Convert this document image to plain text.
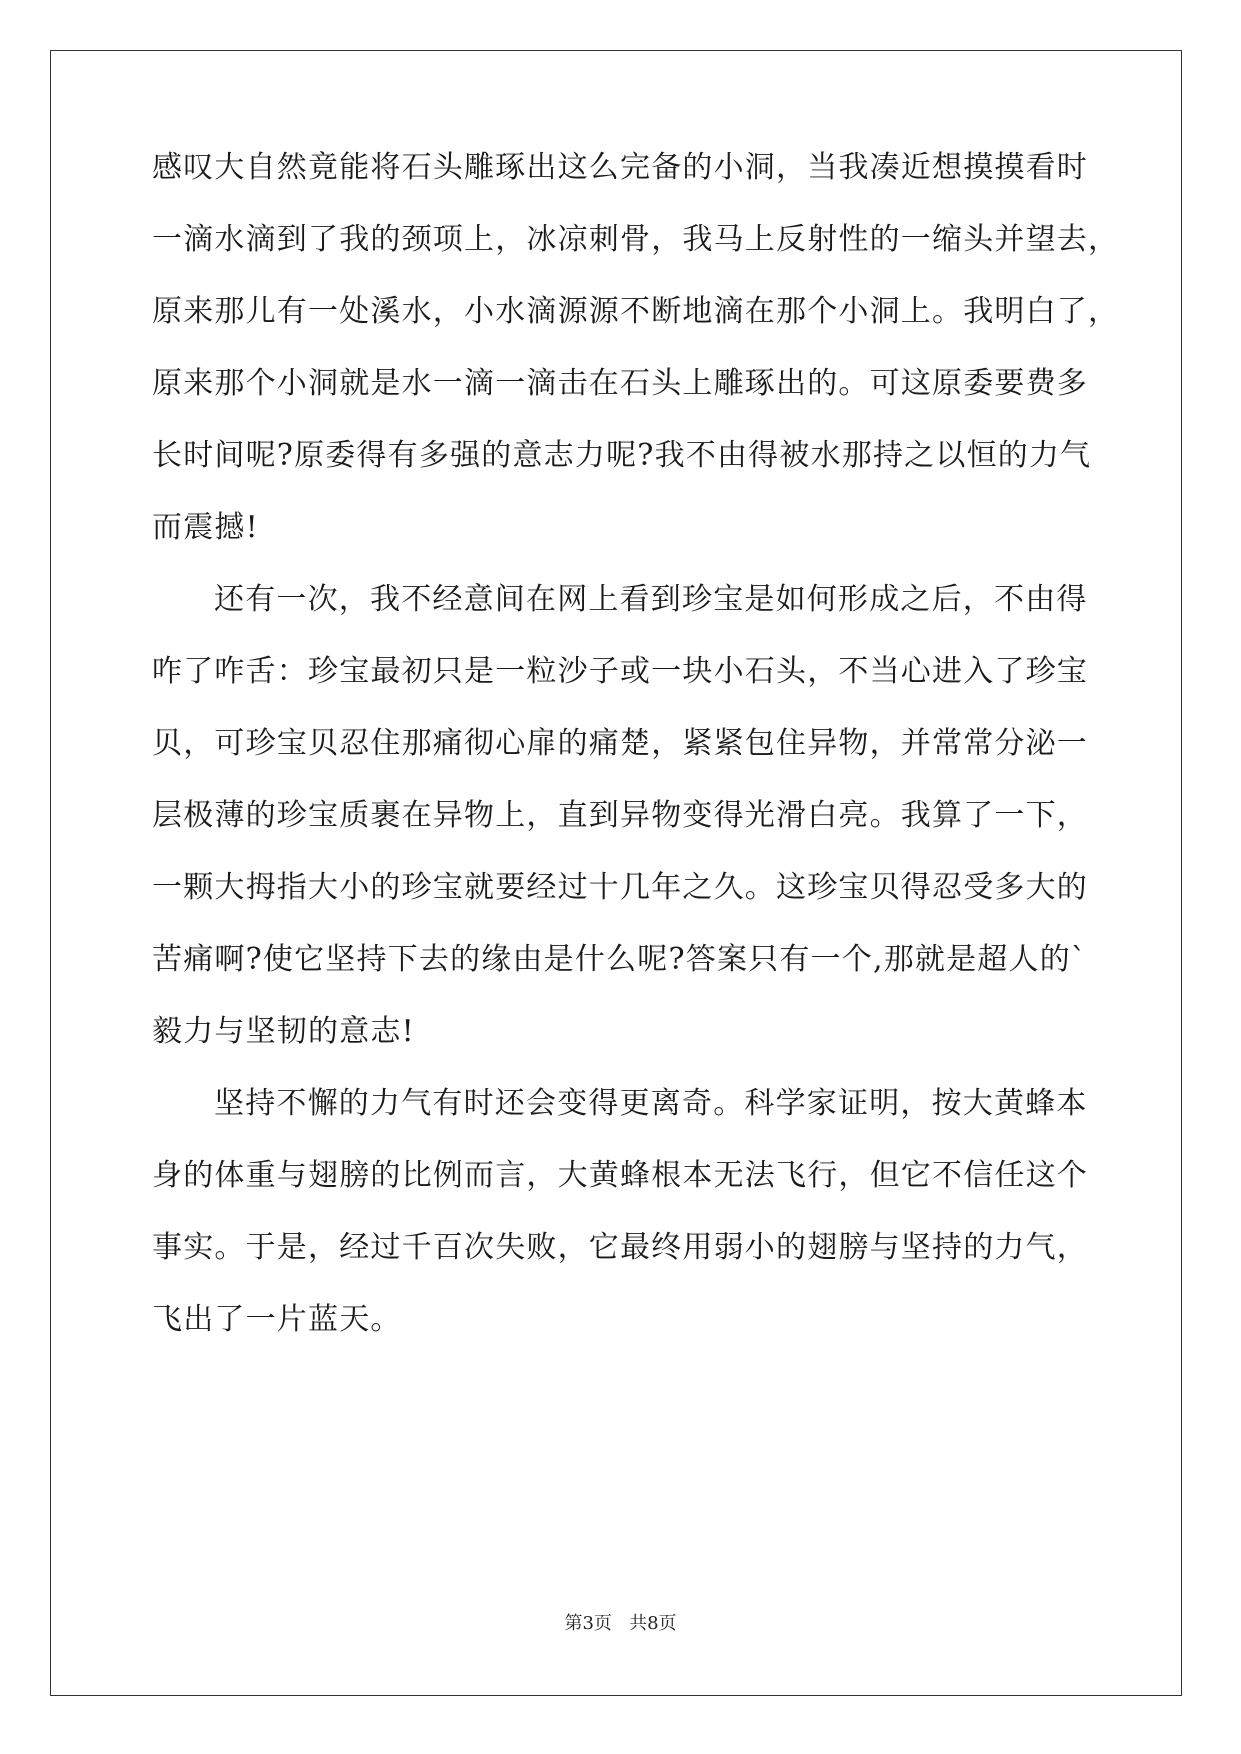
感叹大自然竟能将石头雕琢出这么完备的小洞，当我凑近想摸摸看时
一滴水滴到了我的颈项上，冰凉刺骨，我马上反射性的一缩头并望去，
原来那儿有一处溪水，小水滴源源不断地滴在那个小洞上。我明白了，
原来那个小洞就是水一滴一滴击在石头上雕琢出的。可这原委要费多
长时间呢?原委得有多强的意志力呢?我不由得被水那持之以恒的力气
而震撼!
还有一次，我不经意间在网上看到珍宝是如何形成之后，不由得
咋了咋舌：珍宝最初只是一粒沙子或一块小石头，不当心进入了珍宝
贝，可珍宝贝忍住那痛彻心扉的痛楚，紧紧包住异物，并常常分泌一
层极薄的珍宝质裹在异物上，直到异物变得光滑白亮。我算了一下，
一颗大拇指大小的珍宝就要经过十几年之久。这珍宝贝得忍受多大的
苦痛啊?使它坚持下去的缘由是什么呢?答案只有一个,那就是超人的`
毅力与坚韧的意志!
坚持不懈的力气有时还会变得更离奇。科学家证明，按大黄蜂本
身的体重与翅膀的比例而言，大黄蜂根本无法飞行，但它不信任这个
事实。于是，经过千百次失败，它最终用弱小的翅膀与坚持的力气，
飞出了一片蓝天。
第3页   共8页
